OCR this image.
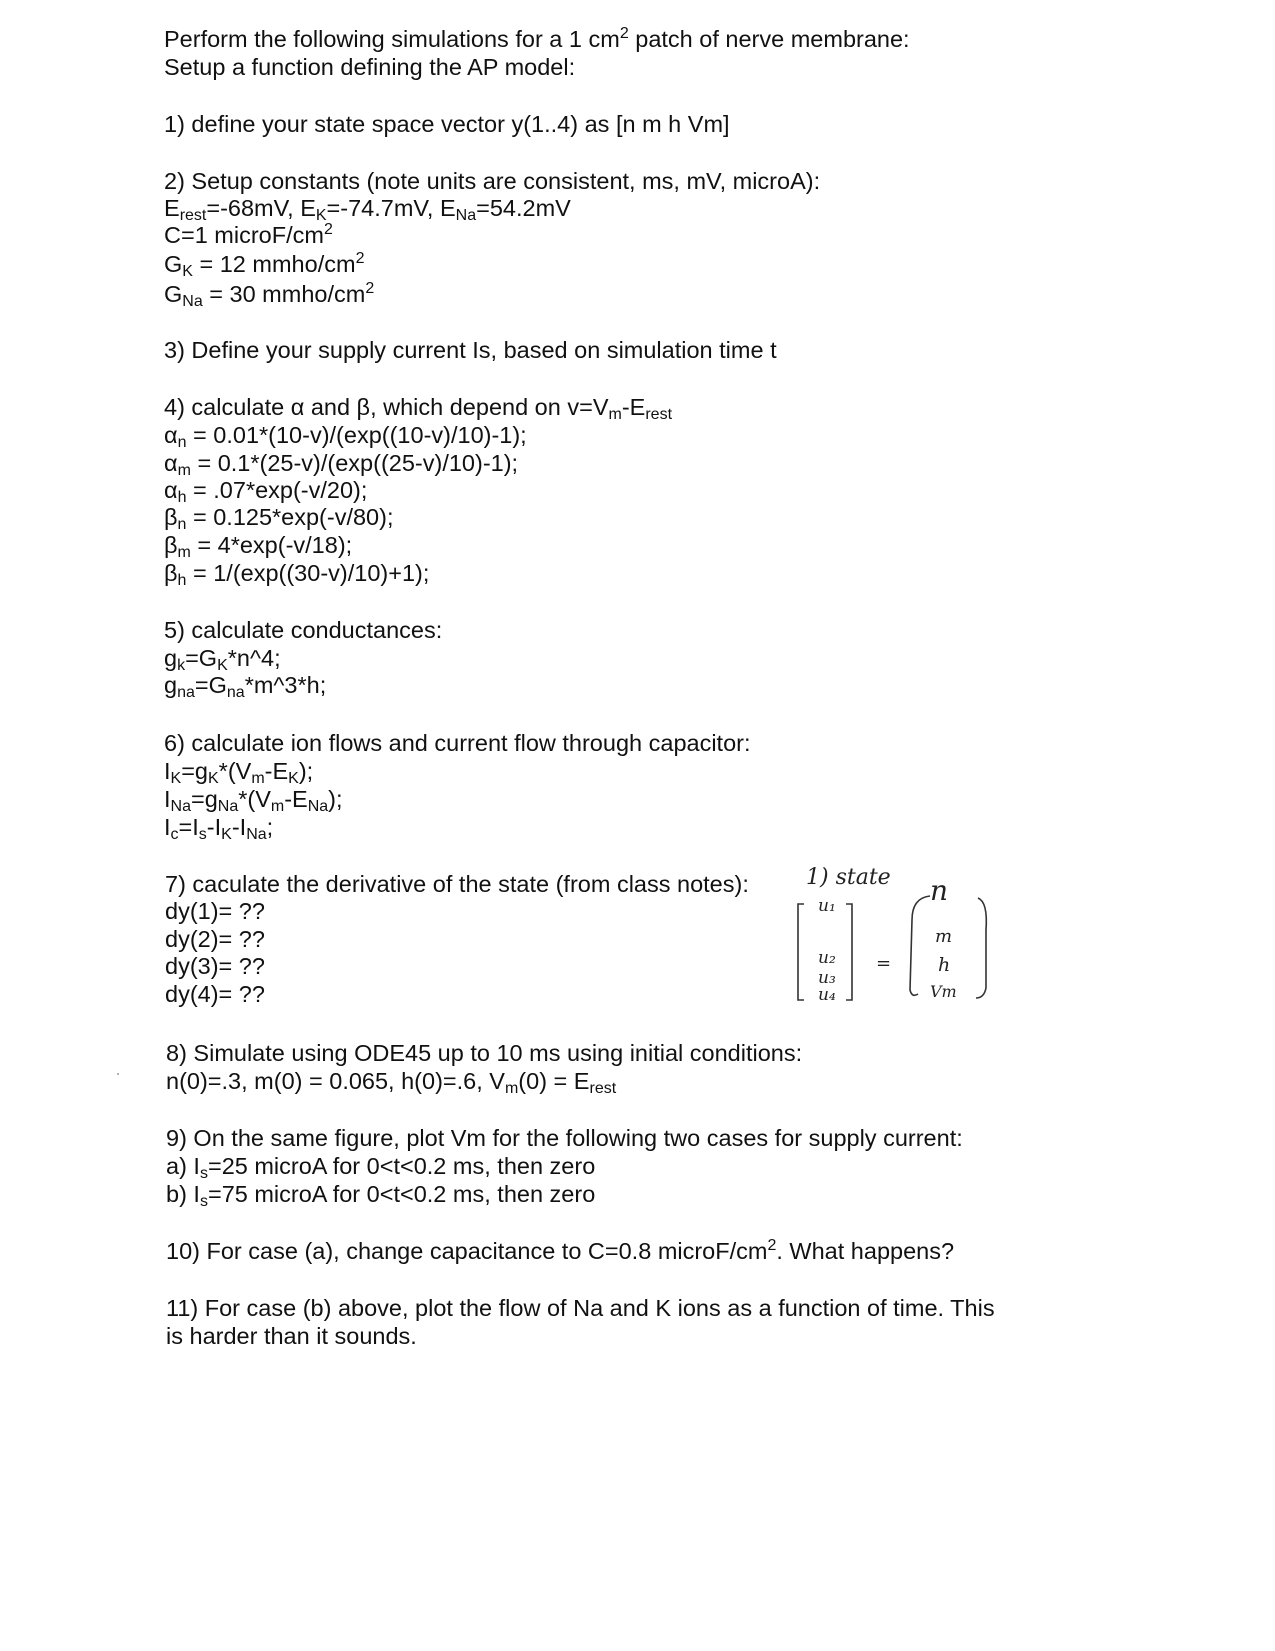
Perform the following simulations for a 1 $cm^2$ patch of nerve membrane:
Setup a function defining the AP model:
1) define your state space vector y(1..4) as [n m h Vm]
2) Setup constants (note units are consistent, ms, mV, microA):
$E_{rest}=-68mV$, $E_K=-74.7mV$, $E_{Na}=54.2mV$
C=1 microF/$cm^2$
$G_K = 12$ mmho/$cm^2$
$G_{Na} = 30$ mmho/$cm^2$
3) Define your supply current Is, based on simulation time t
4) calculate α and β, which depend on $v=V_m-E_{rest}$
$\alpha_n = 0.01*(10-v)/(\exp((10-v)/10)-1)$;
$\alpha_m = 0.1*(25-v)/(\exp((25-v)/10)-1)$;
$\alpha_h = .07*\exp(-v/20)$;
$\beta_n = 0.125*\exp(-v/80)$;
$\beta_m = 4*\exp(-v/18)$;
$\beta_h = 1/(\exp((30-v)/10)+1)$;
5) calculate conductances:
$g_k=G_K*n\^{}4$;
$g_{na}=G_{na}*m\^{}3*h$;
6) calculate ion flows and current flow through capacitor:
$I_K=g_K*(V_m-E_K)$;
$I_{Na}=g_{Na}*(V_m-E_{Na})$;
$I_c=I_s-I_K-I_{Na}$;
7) caculate the derivative of the state (from class notes):
dy(1)= ??
dy(2)= ??
dy(3)= ??
dy(4)= ??
1) state
u₁
u₂
u₃
u₄
=
n
m
h
Vm
8) Simulate using ODE45 up to 10 ms using initial conditions:
n(0)=.3, m(0) = 0.065, h(0)=.6, $V_m(0) = E_{rest}$
9) On the same figure, plot Vm for the following two cases for supply current:
a) $I_s=25$ microA for 0<t<0.2 ms, then zero
b) $I_s=75$ microA for 0<t<0.2 ms, then zero
10) For case (a), change capacitance to C=0.8 microF/$cm^2$. What happens?
11) For case (b) above, plot the flow of Na and K ions as a function of time. This
is harder than it sounds.
